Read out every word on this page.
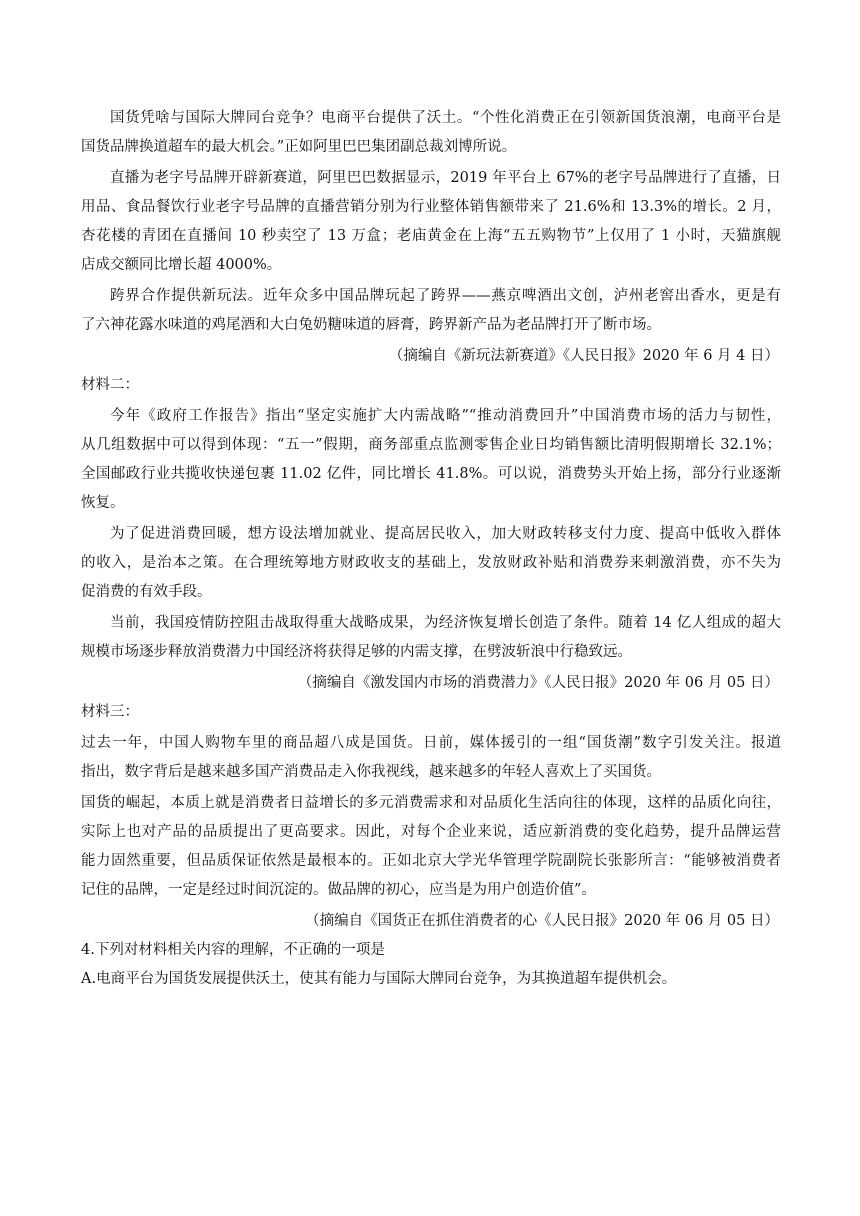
国货凭啥与国际大牌同台竞争？电商平台提供了沃土。“个性化消费正在引领新国货浪潮，电商平台是
国货品牌换道超车的最大机会。”正如阿里巴巴集团副总裁刘博所说。
直播为老字号品牌开辟新赛道，阿里巴巴数据显示，2019 年平台上 67%的老字号品牌进行了直播，日
用品、食品餐饮行业老字号品牌的直播营销分别为行业整体销售额带来了 21.6%和 13.3%的增长。2 月，
杏花楼的青团在直播间 10 秒卖空了 13 万盒；老庙黄金在上海“五五购物节”上仅用了 1 小时，天猫旗舰
店成交额同比增长超 4000%。
跨界合作提供新玩法。近年众多中国品牌玩起了跨界——燕京啤酒出文创，泸州老窖出香水，更是有
了六神花露水味道的鸡尾酒和大白兔奶糖味道的唇膏，跨界新产品为老品牌打开了断市场。
（摘编自《新玩法新赛道》《人民日报》2020 年 6 月 4 日）
材料二：
今年《政府工作报告》指出“坚定实施扩大内需战略”“推动消费回升”中国消费市场的活力与韧性，
从几组数据中可以得到体现：“五一”假期，商务部重点监测零售企业日均销售额比清明假期增长 32.1%；
全国邮政行业共揽收快递包裹 11.02 亿件，同比增长 41.8%。可以说，消费势头开始上扬，部分行业逐渐
恢复。
为了促进消费回暖，想方设法增加就业、提高居民收入，加大财政转移支付力度、提高中低收入群体
的收入，是治本之策。在合理统筹地方财政收支的基础上，发放财政补贴和消费券来刺激消费，亦不失为
促消费的有效手段。
当前，我国疫情防控阻击战取得重大战略成果，为经济恢复增长创造了条件。随着 14 亿人组成的超大
规模市场逐步释放消费潜力中国经济将获得足够的内需支撑，在劈波斩浪中行稳致远。
（摘编自《激发国内市场的消费潜力》《人民日报》2020 年 06 月 05 日）
材料三：
过去一年，中国人购物车里的商品超八成是国货。日前，媒体援引的一组“国货潮”数字引发关注。报道
指出，数字背后是越来越多国产消费品走入你我视线，越来越多的年轻人喜欢上了买国货。
国货的崛起，本质上就是消费者日益增长的多元消费需求和对品质化生活向往的体现，这样的品质化向往，
实际上也对产品的品质提出了更高要求。因此，对每个企业来说，适应新消费的变化趋势，提升品牌运营
能力固然重要，但品质保证依然是最根本的。正如北京大学光华管理学院副院长张影所言：“能够被消费者
记住的品牌，一定是经过时间沉淀的。做品牌的初心，应当是为用户创造价值”。
（摘编自《国货正在抓住消费者的心《人民日报》2020 年 06 月 05 日）
4.下列对材料相关内容的理解，不正确的一项是
A.电商平台为国货发展提供沃土，使其有能力与国际大牌同台竞争，为其换道超车提供机会。
